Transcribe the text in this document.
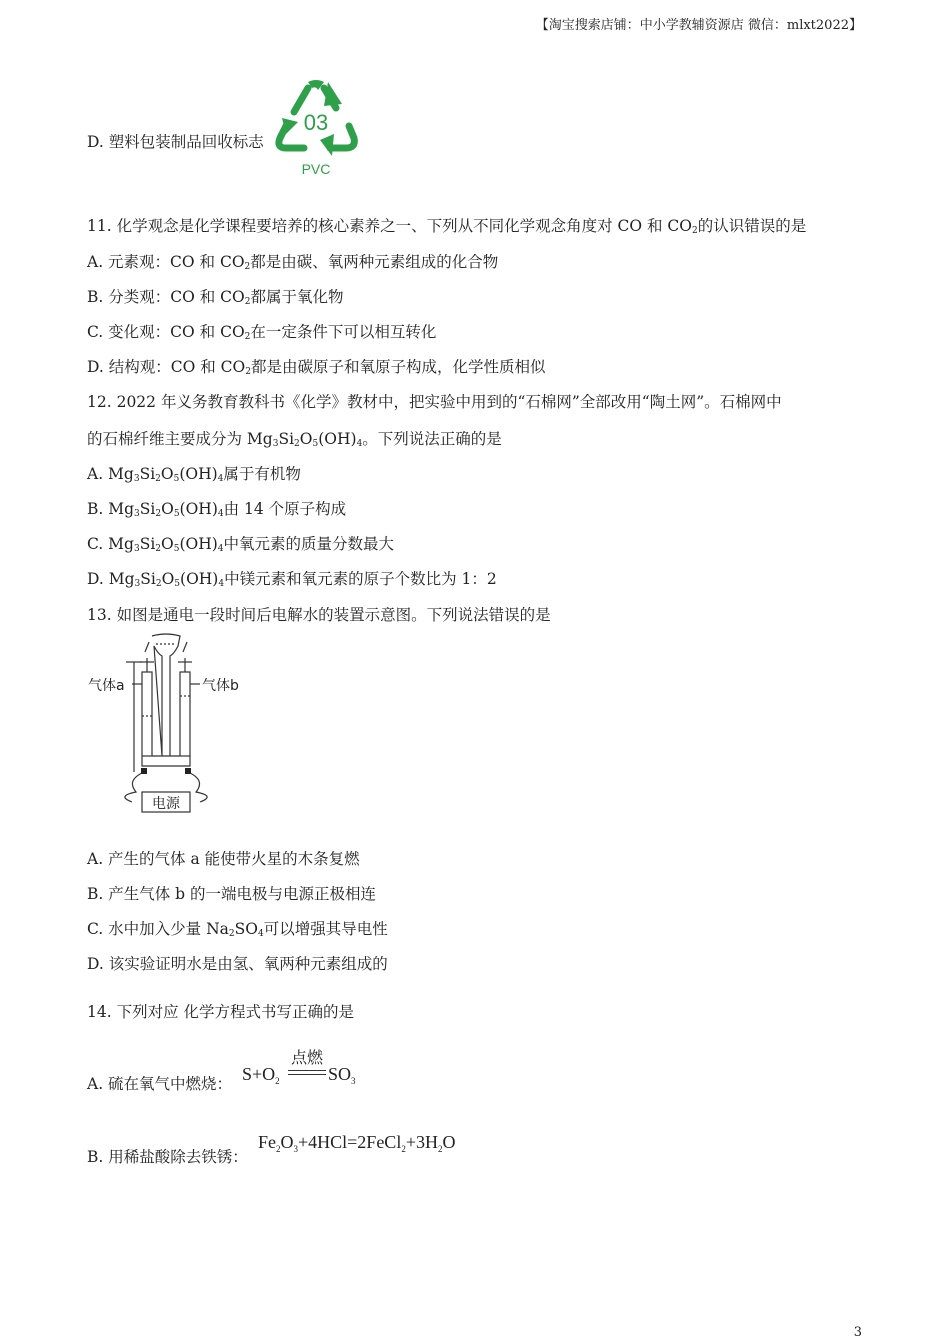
【淘宝搜索店铺：中小学教辅资源店 微信：mlxt2022】
D. 塑料包装制品回收标志
03
PVC
11. 化学观念是化学课程要培养的核心素养之一、下列从不同化学观念角度对 CO 和 $CO_2$的认识错误的是
A. 元素观：CO 和 $CO_2$都是由碳、氧两种元素组成的化合物
B. 分类观：CO 和 $CO_2$都属于氧化物
C. 变化观：CO 和 $CO_2$在一定条件下可以相互转化
D. 结构观：CO 和 $CO_2$都是由碳原子和氧原子构成，化学性质相似
12. 2022 年义务教育教科书《化学》教材中，把实验中用到的“石棉网”全部改用“陶土网”。石棉网中
的石棉纤维主要成分为 $Mg_3Si_2O_5(OH)_4$。下列说法正确的是
A. $Mg_3Si_2O_5(OH)_4$属于有机物
B. $Mg_3Si_2O_5(OH)_4$由 14 个原子构成
C. $Mg_3Si_2O_5(OH)_4$中氧元素的质量分数最大
D. $Mg_3Si_2O_5(OH)_4$中镁元素和氧元素的原子个数比为 1：2
13. 如图是通电一段时间后电解水的装置示意图。下列说法错误的是
气体a	气体b
电源
A. 产生的气体 a 能使带火星的木条复燃
B. 产生气体 b 的一端电极与电源正极相连
C. 水中加入少量 $Na_2SO_4$可以增强其导电性
D. 该实验证明水是由氢、氧两种元素组成的
14. 下列对应 化学方程式书写正确的是
A. 硫在氧气中燃烧： $S+O_2$
点燃
$SO_3$
B. 用稀盐酸除去铁锈：
$Fe_2O_3+4HCl=2FeCl_2+3H_2O$
3
